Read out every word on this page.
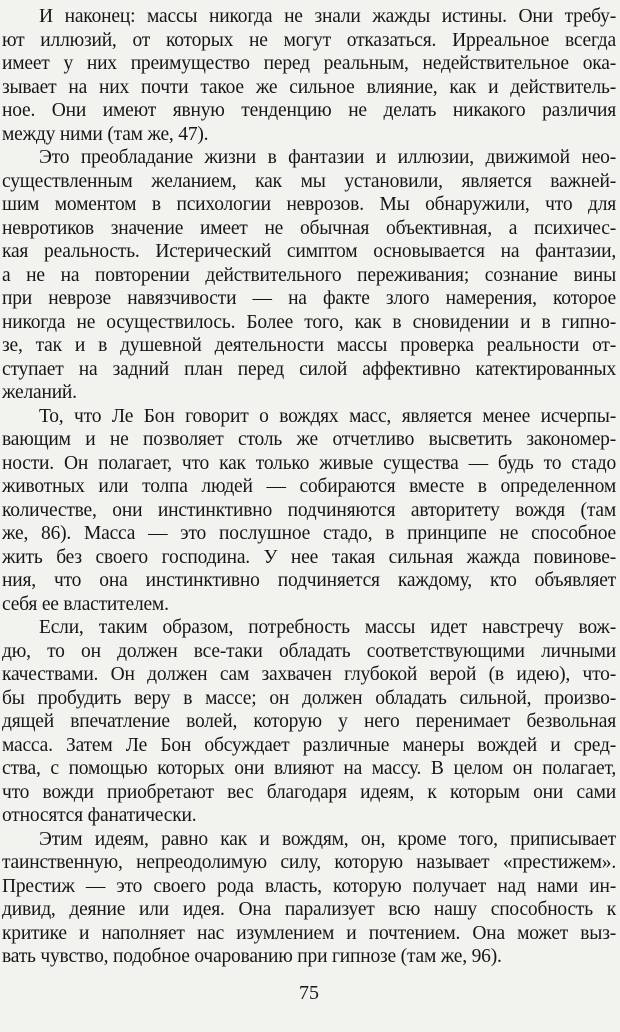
И наконец: массы никогда не знали жажды истины. Они требу-
ют иллюзий, от которых не могут отказаться. Ирреальное всегда
имеет у них преимущество перед реальным, недействительное ока-
зывает на них почти такое же сильное влияние, как и действитель-
ное. Они имеют явную тенденцию не делать никакого различия
между ними (там же, 47).
Это преобладание жизни в фантазии и иллюзии, движимой нео-
существленным желанием, как мы установили, является важней-
шим моментом в психологии неврозов. Мы обнаружили, что для
невротиков значение имеет не обычная объективная, а психичес-
кая реальность. Истерический симптом основывается на фантазии,
а не на повторении действительного переживания; сознание вины
при неврозе навязчивости — на факте злого намерения, которое
никогда не осуществилось. Более того, как в сновидении и в гипно-
зе, так и в душевной деятельности массы проверка реальности от-
ступает на задний план перед силой аффективно катектированных
желаний.
То, что Ле Бон говорит о вождях масс, является менее исчерпы-
вающим и не позволяет столь же отчетливо высветить закономер-
ности. Он полагает, что как только живые существа — будь то стадо
животных или толпа людей — собираются вместе в определенном
количестве, они инстинктивно подчиняются авторитету вождя (там
же, 86). Масса — это послушное стадо, в принципе не способное
жить без своего господина. У нее такая сильная жажда повинове-
ния, что она инстинктивно подчиняется каждому, кто объявляет
себя ее властителем.
Если, таким образом, потребность массы идет навстречу вож-
дю, то он должен все-таки обладать соответствующими личными
качествами. Он должен сам захвачен глубокой верой (в идею), что-
бы пробудить веру в массе; он должен обладать сильной, произво-
дящей впечатление волей, которую у него перенимает безвольная
масса. Затем Ле Бон обсуждает различные манеры вождей и сред-
ства, с помощью которых они влияют на массу. В целом он полагает,
что вожди приобретают вес благодаря идеям, к которым они сами
относятся фанатически.
Этим идеям, равно как и вождям, он, кроме того, приписывает
таинственную, непреодолимую силу, которую называет «престижем».
Престиж — это своего рода власть, которую получает над нами ин-
дивид, деяние или идея. Она парализует всю нашу способность к
критике и наполняет нас изумлением и почтением. Она может выз-
вать чувство, подобное очарованию при гипнозе (там же, 96).
75
